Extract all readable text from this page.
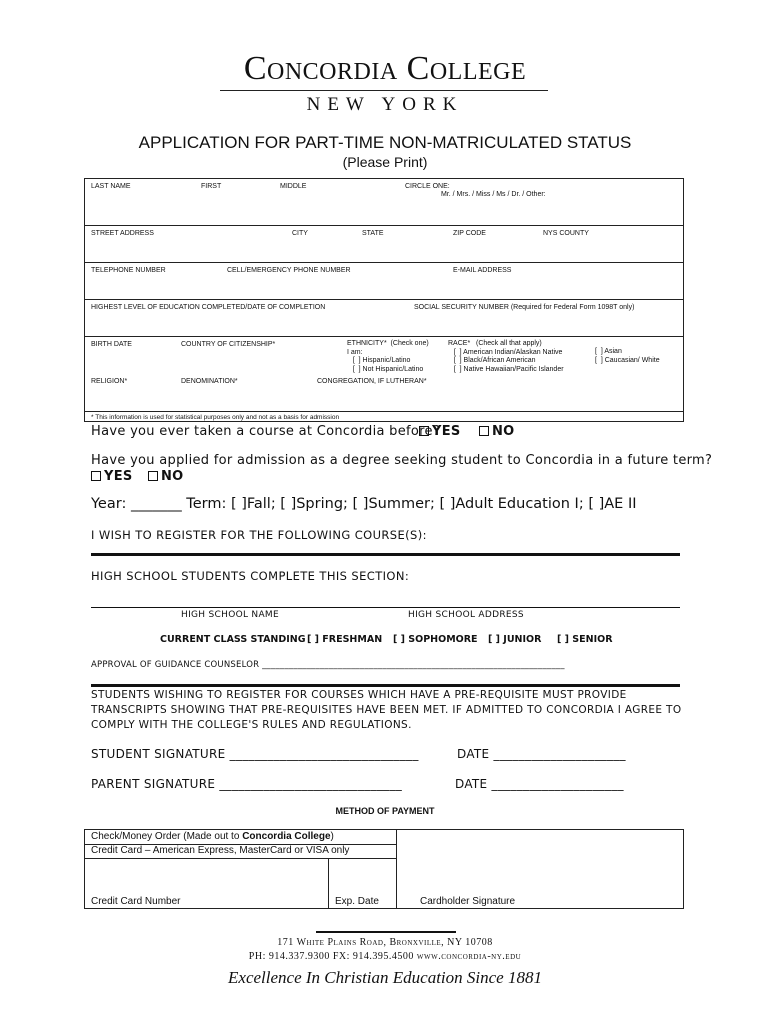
Concordia College
NEW YORK
APPLICATION FOR PART-TIME NON-MATRICULATED STATUS
(Please Print)
LAST NAME	FIRST	MIDDLE	CIRCLE ONE:
Mr. / Mrs. / Miss / Ms / Dr. / Other:
STREET ADDRESS	CITY	STATE	ZIP CODE	NYS COUNTY
TELEPHONE NUMBER	CELL/EMERGENCY PHONE NUMBER	E-MAIL ADDRESS
HIGHEST LEVEL OF EDUCATION COMPLETED/DATE OF COMPLETION	SOCIAL SECURITY NUMBER (Required for Federal Form 1098T only)
BIRTH DATE	COUNTRY OF CITIZENSHIP*	ETHNICITY*  (Check one)
I am:
[  ] Hispanic/Latino
[  ] Not Hispanic/Latino
RACE*   (Check all that apply)
[  ] American Indian/Alaskan Native
[  ] Black/African American
[  ] Native Hawaiian/Pacific Islander
[  ] Asian
[  ] Caucasian/ White
RELIGION*	DENOMINATION*	CONGREGATION, IF LUTHERAN*
* This information is used for statistical purposes only and not as a basis for admission
Have you ever taken a course at Concordia before?
YES	NO
Have you applied for admission as a degree seeking student to Concordia in a future term?
YES	NO
Year: _______ Term: [ ]Fall; [ ]Spring; [ ]Summer; [ ]Adult Education I; [ ]AE II
I WISH TO REGISTER FOR THE FOLLOWING COURSE(S):
HIGH SCHOOL STUDENTS COMPLETE THIS SECTION:
HIGH SCHOOL NAME	HIGH SCHOOL ADDRESS
CURRENT CLASS STANDING [ ] FRESHMAN [ ] SOPHOMORE [ ] JUNIOR [ ] SENIOR
APPROVAL OF GUIDANCE COUNSELOR ____________________________________________________________________
STUDENTS WISHING TO REGISTER FOR COURSES WHICH HAVE A PRE-REQUISITE MUST PROVIDE
TRANSCRIPTS SHOWING THAT PRE-REQUISITES HAVE BEEN MET. IF ADMITTED TO CONCORDIA I AGREE TO
COMPLY WITH THE COLLEGE'S RULES AND REGULATIONS.
STUDENT SIGNATURE ______________________________	DATE _____________________
PARENT SIGNATURE _____________________________	DATE _____________________
METHOD OF PAYMENT
Check/Money Order (Made out to Concordia College)
Credit Card – American Express, MasterCard or VISA only
Credit Card Number	Exp. Date	Cardholder Signature
171 White Plains Road, Bronxville, NY 10708
PH: 914.337.9300 FX: 914.395.4500 www.concordia-ny.edu
Excellence In Christian Education Since 1881
